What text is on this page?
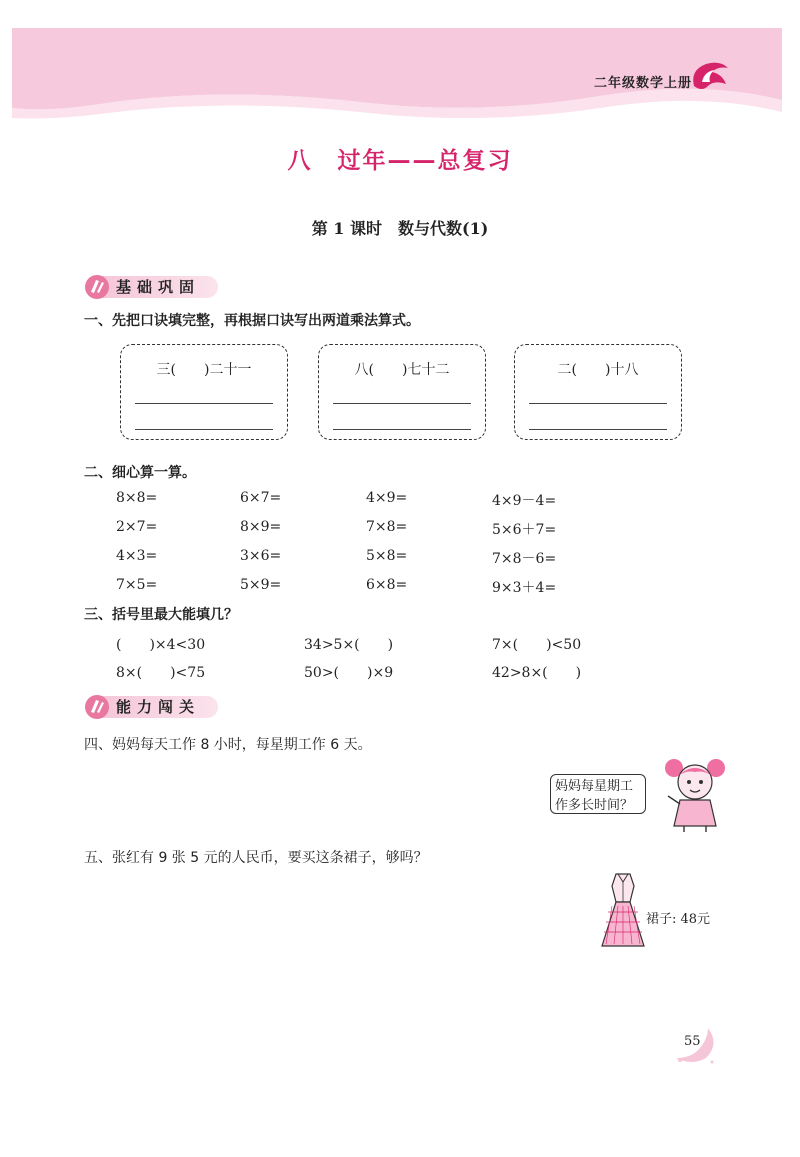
二年级数学上册
八　过年——总复习
第 1 课时　数与代数(1)
基础巩固
一、先把口诀填完整，再根据口诀写出两道乘法算式。
三(　　)二十一	八(　　)七十二	二(　　)十八
二、细心算一算。
8×8=	6×7=	4×9=	4×9－4=
2×7=	8×9=	7×8=	5×6＋7=
4×3=	3×6=	5×8=	7×8－6=
7×5=	5×9=	6×8=	9×3＋4=
三、括号里最大能填几？
(　　)×4<30	34>5×(　　)	7×(　　)<50
8×(　　)<75	50>(　　)×9	42>8×(　　)
能力闯关
四、妈妈每天工作 8 小时，每星期工作 6 天。
妈妈每星期工
作多长时间？
五、张红有 9 张 5 元的人民币，要买这条裙子，够吗？
裙子: 48元
55
